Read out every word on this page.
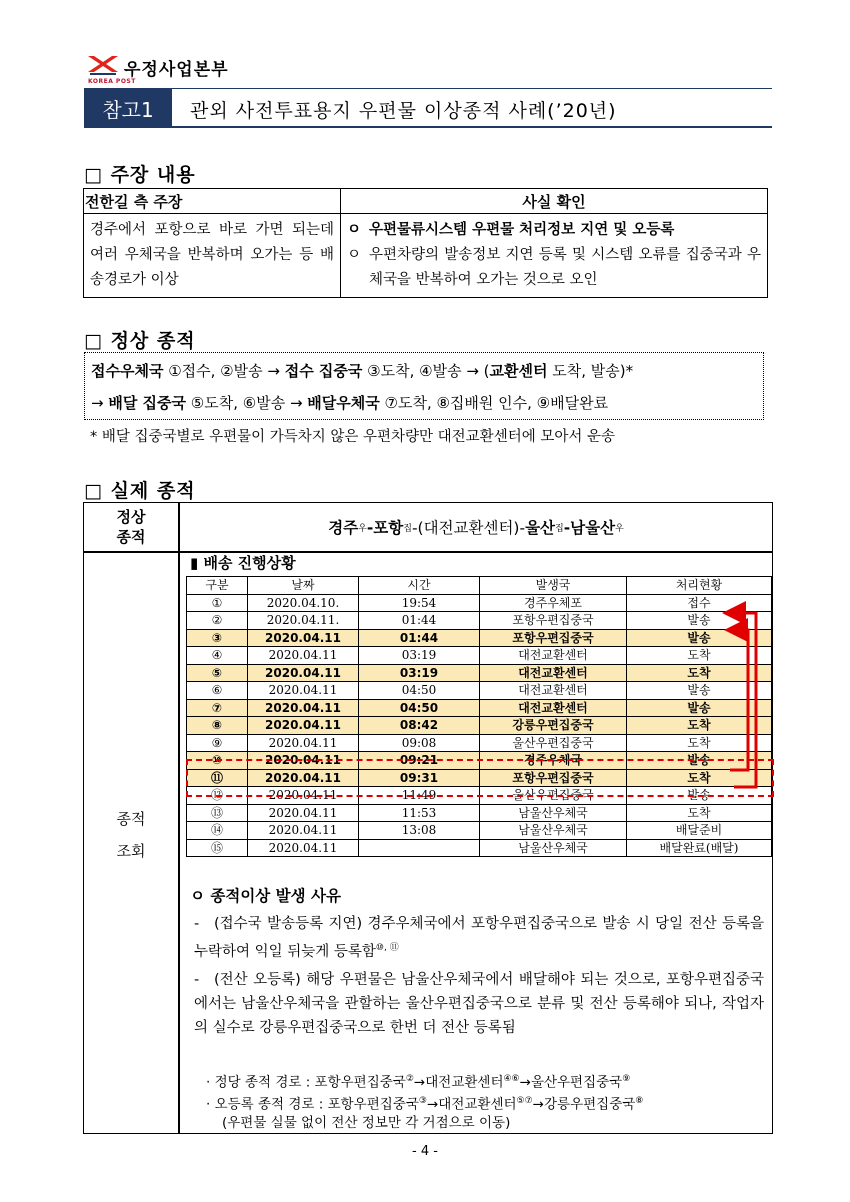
우정사업본부
KOREA POST
참고1	관외 사전투표용지 우편물 이상종적 사례(’20년)
□ 주장 내용
전한길 측 주장	사실 확인
경주에서 포항으로 바로 가면 되는데 여러 우체국을 반복하며 오가는 등 배송경로가 이상	ㅇ 우편물류시스템 우편물 처리정보 지연 및 오등록
ㅇ 우편차량의 발송정보 지연 등록 및 시스템 오류를 집중국과 우체국을 반복하여 오가는 것으로 오인
□ 정상 종적
접수우체국 ①접수, ②발송 → 접수 집중국 ③도착, ④발송 → (교환센터 도착, 발송)*
→ 배달 집중국 ⑤도착, ⑥발송 → 배달우체국 ⑦도착, ⑧집배원 인수, ⑨배달완료
* 배달 집중국별로 우편물이 가득차지 않은 우편차량만 대전교환센터에 모아서 운송
□ 실제 종적
정상
종적	경주 우 -포항 집 -(대전교환센터)- 울산 집 -남울산 우
종적
조회
▮ 배송 진행상황
구분	날짜	시간	발생국	처리현황
①	2020.04.10.	19:54	경주우체포	접수
②	2020.04.11.	01:44	포항우편집중국	발송
③	2020.04.11	01:44	포항우편집중국	발송
④	2020.04.11	03:19	대전교환센터	도착
⑤	2020.04.11	03:19	대전교환센터	도착
⑥	2020.04.11	04:50	대전교환센터	발송
⑦	2020.04.11	04:50	대전교환센터	발송
⑧	2020.04.11	08:42	강릉우편집중국	도착
⑨	2020.04.11	09:08	울산우편집중국	도착
⑩	2020.04.11	09:21	경주우체국	발송
⑪	2020.04.11	09:31	포항우편집중국	도착
⑫	2020.04.11	11:49	울산우편집중국	발송
⑬	2020.04.11	11:53	남울산우체국	도착
⑭	2020.04.11	13:08	남울산우체국	배달준비
⑮	2020.04.11		남울산우체국	배달완료(배달)
ㅇ 종적이상 발생 사유
- (접수국 발송등록 지연) 경주우체국에서 포항우편집중국으로 발송 시 당일 전산 등록을 누락하여 익일 뒤늦게 등록함⑩, ⑪
- (전산 오등록) 해당 우편물은 남울산우체국에서 배달해야 되는 것으로, 포항우편집중국에서는 남울산우체국을 관할하는 울산우편집중국으로 분류 및 전산 등록해야 되나, 작업자의 실수로 강릉우편집중국으로 한번 더 전산 등록됨
· 정당 종적 경로 : 포항우편집중국②→대전교환센터④⑥→울산우편집중국⑨
· 오등록 종적 경로 : 포항우편집중국③→대전교환센터⑤⑦→강릉우편집중국⑧
(우편물 실물 없이 전산 정보만 각 거점으로 이동)
- 4 -
